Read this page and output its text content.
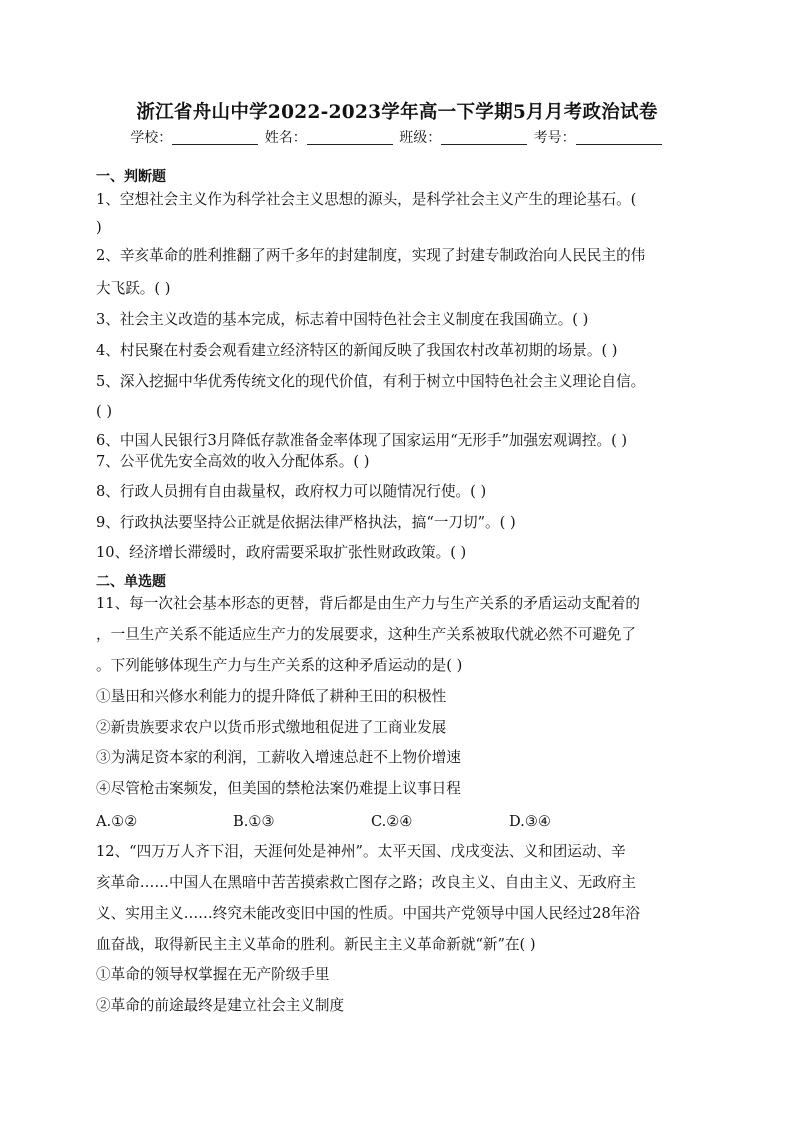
浙江省舟山中学2022-2023学年高一下学期5月月考政治试卷
学校：	姓名：	班级：	考号：
一、判断题
1、空想社会主义作为科学社会主义思想的源头，是科学社会主义产生的理论基石。(
)
2、辛亥革命的胜利推翻了两千多年的封建制度，实现了封建专制政治向人民民主的伟
大飞跃。( )
3、社会主义改造的基本完成，标志着中国特色社会主义制度在我国确立。( )
4、村民聚在村委会观看建立经济特区的新闻反映了我国农村改革初期的场景。( )
5、深入挖掘中华优秀传统文化的现代价值，有利于树立中国特色社会主义理论自信。
( )
6、中国人民银行3月降低存款准备金率体现了国家运用“无形手”加强宏观调控。( )
7、公平优先安全高效的收入分配体系。( )
8、行政人员拥有自由裁量权，政府权力可以随情况行使。( )
9、行政执法要坚持公正就是依据法律严格执法，搞“一刀切”。( )
10、经济增长滞缓时，政府需要采取扩张性财政政策。( )
二、单选题
11、每一次社会基本形态的更替，背后都是由生产力与生产关系的矛盾运动支配着的
，一旦生产关系不能适应生产力的发展要求，这种生产关系被取代就必然不可避免了
。下列能够体现生产力与生产关系的这种矛盾运动的是( )
①垦田和兴修水利能力的提升降低了耕种王田的积极性
②新贵族要求农户以货币形式缴地租促进了工商业发展
③为满足资本家的利润，工薪收入增速总赶不上物价增速
④尽管枪击案频发，但美国的禁枪法案仍难提上议事日程
A.①②	B.①③	C.②④	D.③④
12、“四万万人齐下泪，天涯何处是神州”。太平天国、戊戌变法、义和团运动、辛
亥革命……中国人在黑暗中苦苦摸索救亡图存之路；改良主义、自由主义、无政府主
义、实用主义……终究未能改变旧中国的性质。中国共产党领导中国人民经过28年浴
血奋战，取得新民主主义革命的胜利。新民主主义革命新就“新”在( )
①革命的领导权掌握在无产阶级手里
②革命的前途最终是建立社会主义制度
